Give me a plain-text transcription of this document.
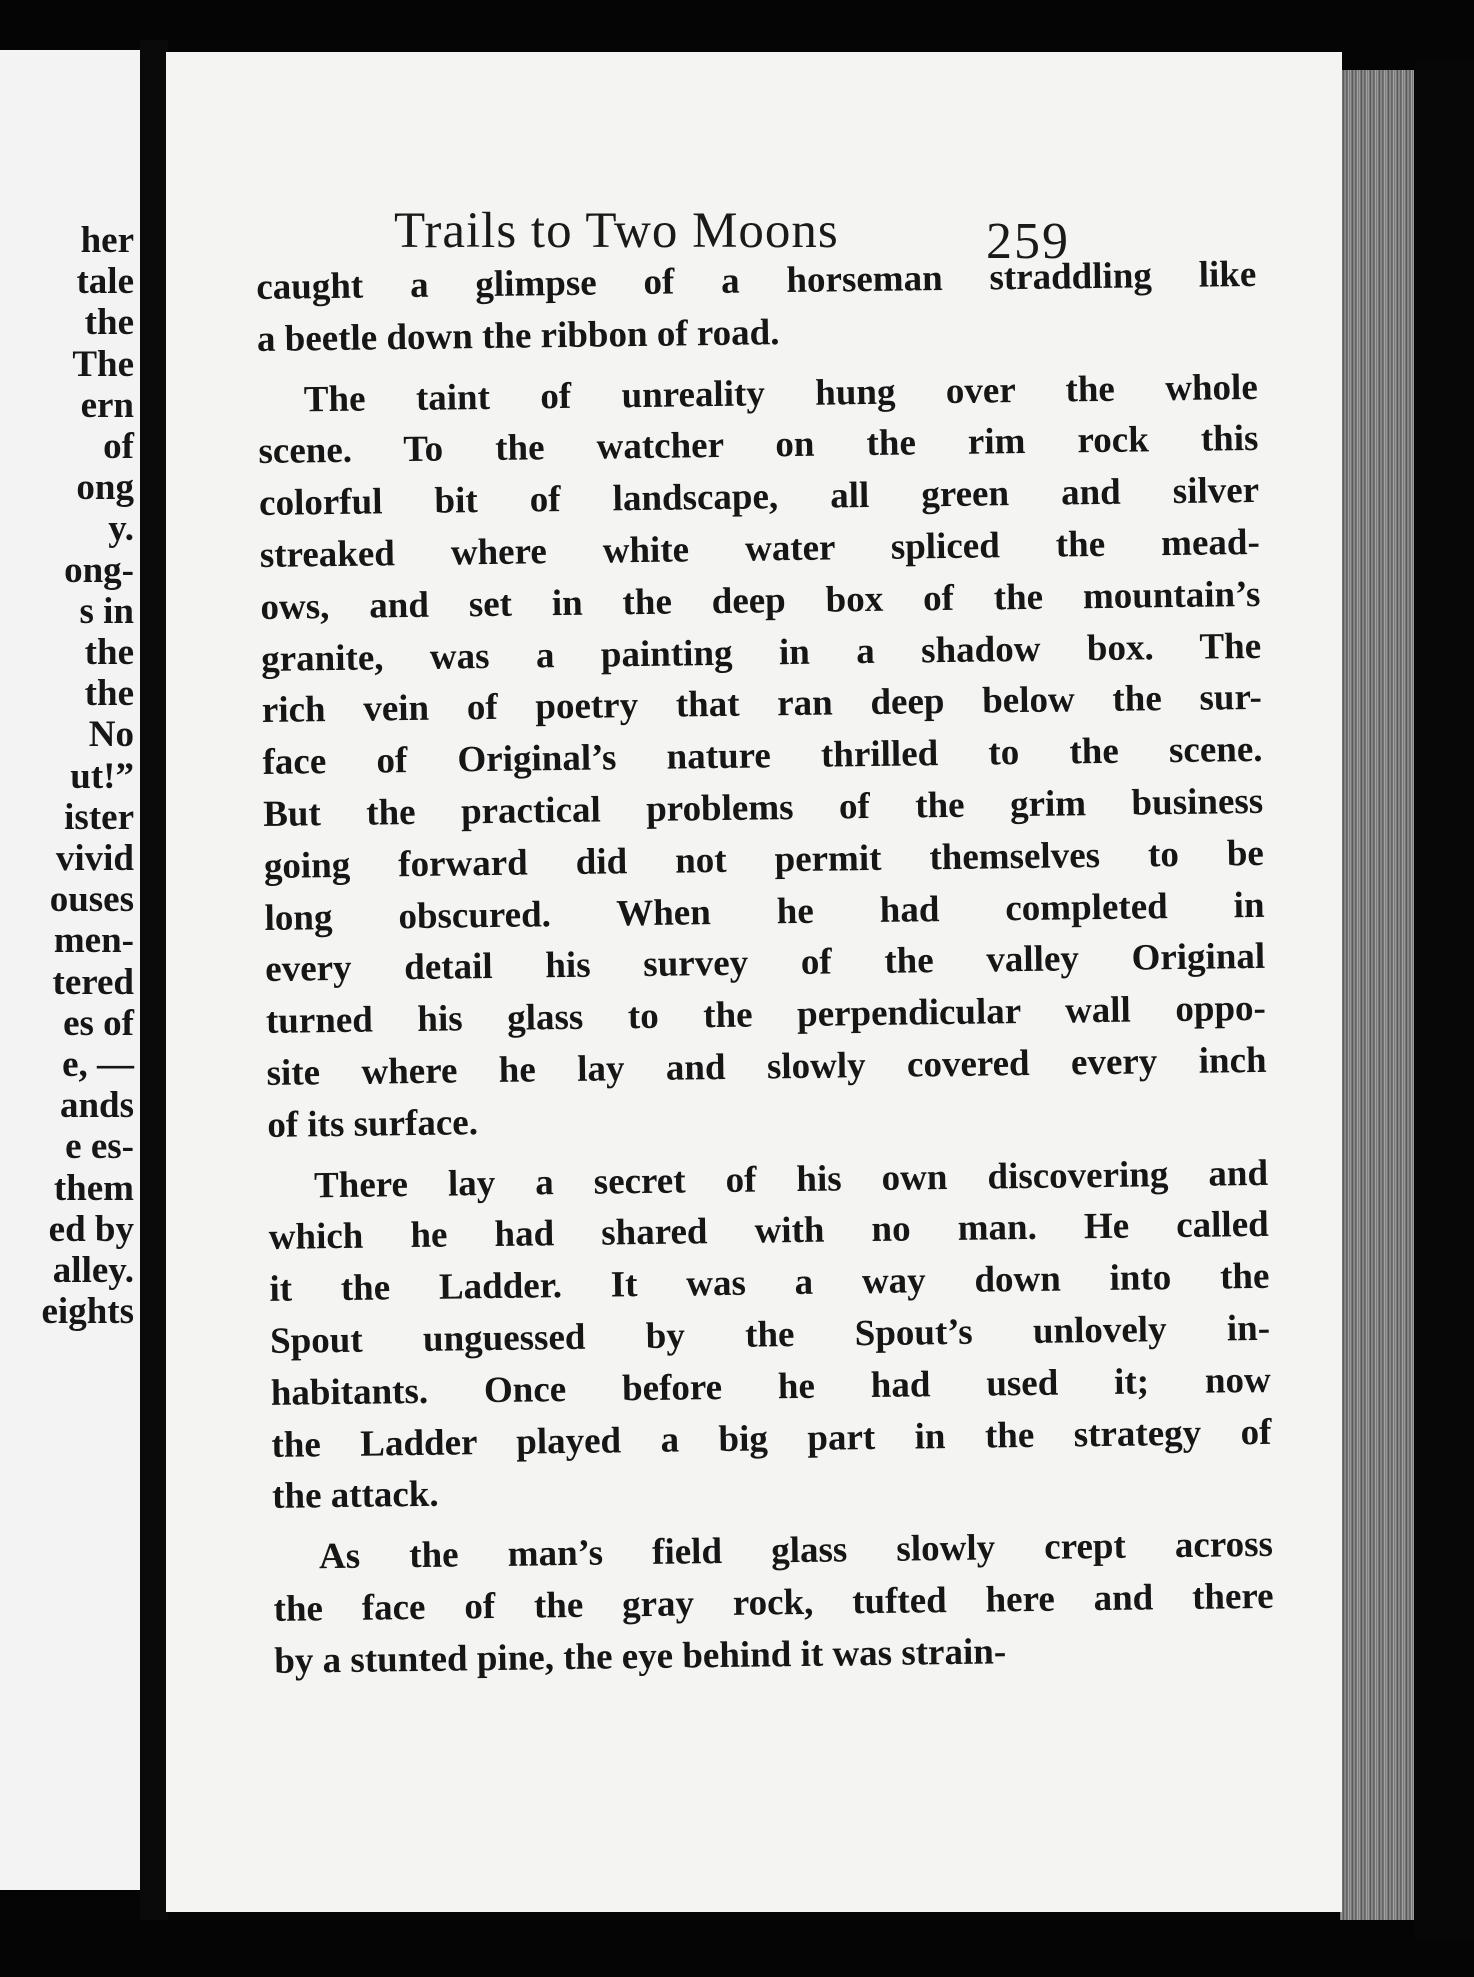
her
tale
the
The
ern
of
ong
y.
ong-
s in
the
the
No
ut!”
ister
vivid
ouses
men-
tered
es of
e, —
ands
e es-
them
ed by
alley.
eights
Trails to Two Moons	259
caught a glimpse of a horseman straddling like
a beetle down the ribbon of road.
The taint of unreality hung over the whole
scene. To the watcher on the rim rock this
colorful bit of landscape, all green and silver
streaked where white water spliced the mead-
ows, and set in the deep box of the mountain’s
granite, was a painting in a shadow box. The
rich vein of poetry that ran deep below the sur-
face of Original’s nature thrilled to the scene.
But the practical problems of the grim business
going forward did not permit themselves to be
long obscured. When he had completed in
every detail his survey of the valley Original
turned his glass to the perpendicular wall oppo-
site where he lay and slowly covered every inch
of its surface.
There lay a secret of his own discovering and
which he had shared with no man. He called
it the Ladder. It was a way down into the
Spout unguessed by the Spout’s unlovely in-
habitants. Once before he had used it; now
the Ladder played a big part in the strategy of
the attack.
As the man’s field glass slowly crept across
the face of the gray rock, tufted here and there
by a stunted pine, the eye behind it was strain-
